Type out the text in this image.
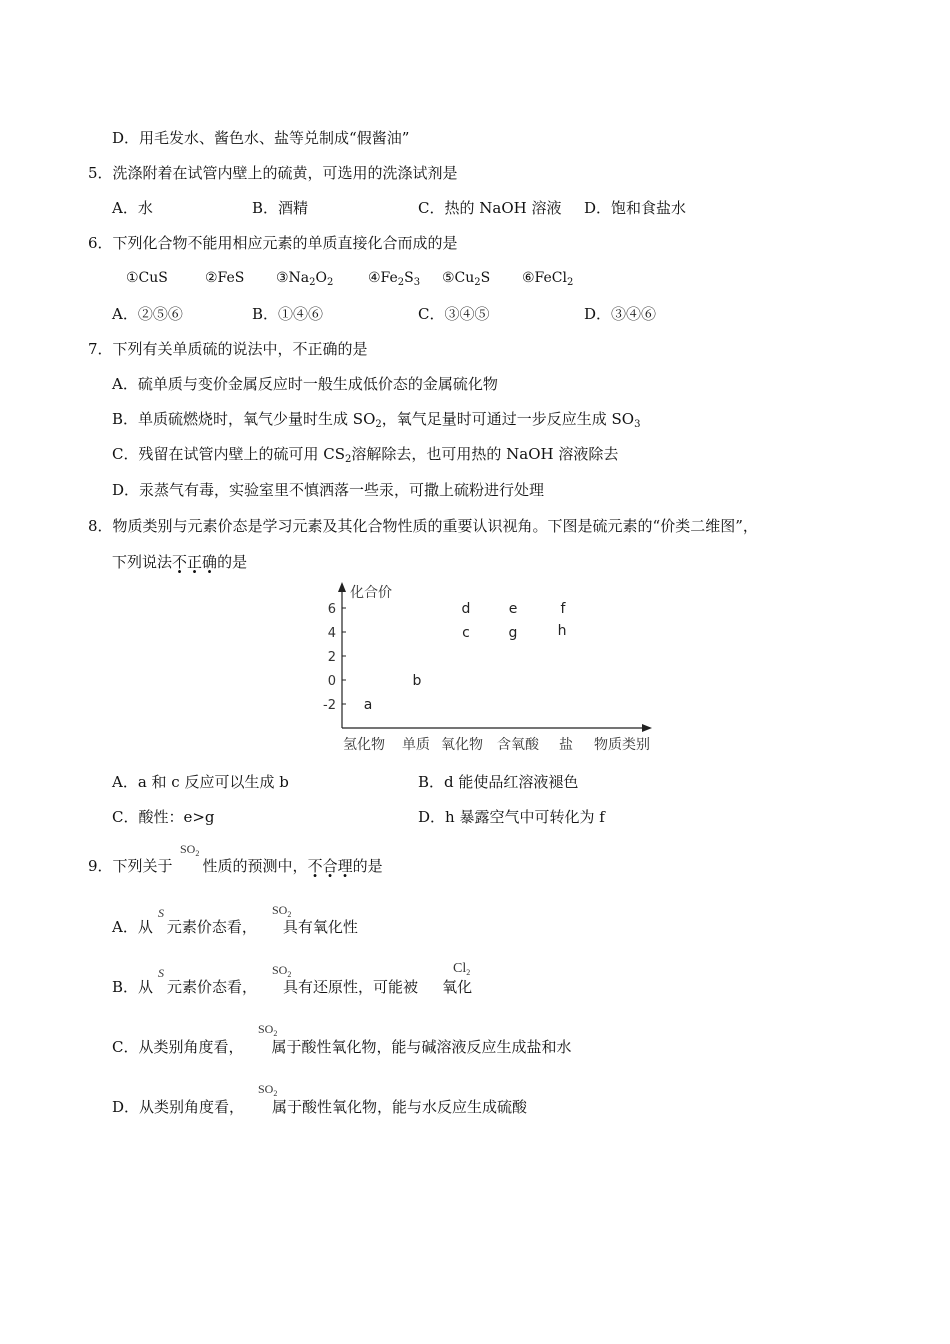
D．用毛发水、酱色水、盐等兑制成“假酱油”
5．洗涤附着在试管内壁上的硫黄，可选用的洗涤试剂是
A．水	B．酒精	C．热的 NaOH 溶液 D．饱和食盐水
6．下列化合物不能用相应元素的单质直接化合而成的是
①CuS	②FeS $③Na_2O_2$ $④Fe_2S_3$ $⑤Cu_2S$ ⑥FeCl$_2$
A．②⑤⑥	B．①④⑥	C．③④⑤	D．③④⑥
7．下列有关单质硫的说法中，不正确的是
A．硫单质与变价金属反应时一般生成低价态的金属硫化物
B．单质硫燃烧时，氧气少量时生成 $SO_2$，氧气足量时可通过一步反应生成 $SO_3$
C．残留在试管内壁上的硫可用 $CS_2$溶解除去，也可用热的 NaOH 溶液除去
D．汞蒸气有毒，实验室里不慎洒落一些汞，可撒上硫粉进行处理
8．物质类别与元素价态是学习元素及其化合物性质的重要认识视角。下图是硫元素的“价类二维图”，
下列说法不正确的是
化合价
6
4
2
0
-2
氢化物 单质 氧化物 含氧酸 盐 物质类别
a
b
c
d	e
g
f
h
A．a 和 c 反应可以生成 b	B．d 能使品红溶液褪色
C．酸性：e>g	D．h 暴露空气中可转化为 f
9．下列关于 性质的预测中，不合理的是
$SO_2$
A．从 元素价态看， 具有氧化性
S	$SO_2$
B．从 元素价态看， 具有还原性，可能被 氧化
S	$SO_2$	$Cl_2$
C．从类别角度看， 属于酸性氧化物，能与碱溶液反应生成盐和水
$SO_2$
D．从类别角度看， 属于酸性氧化物，能与水反应生成硫酸
$SO_2$
